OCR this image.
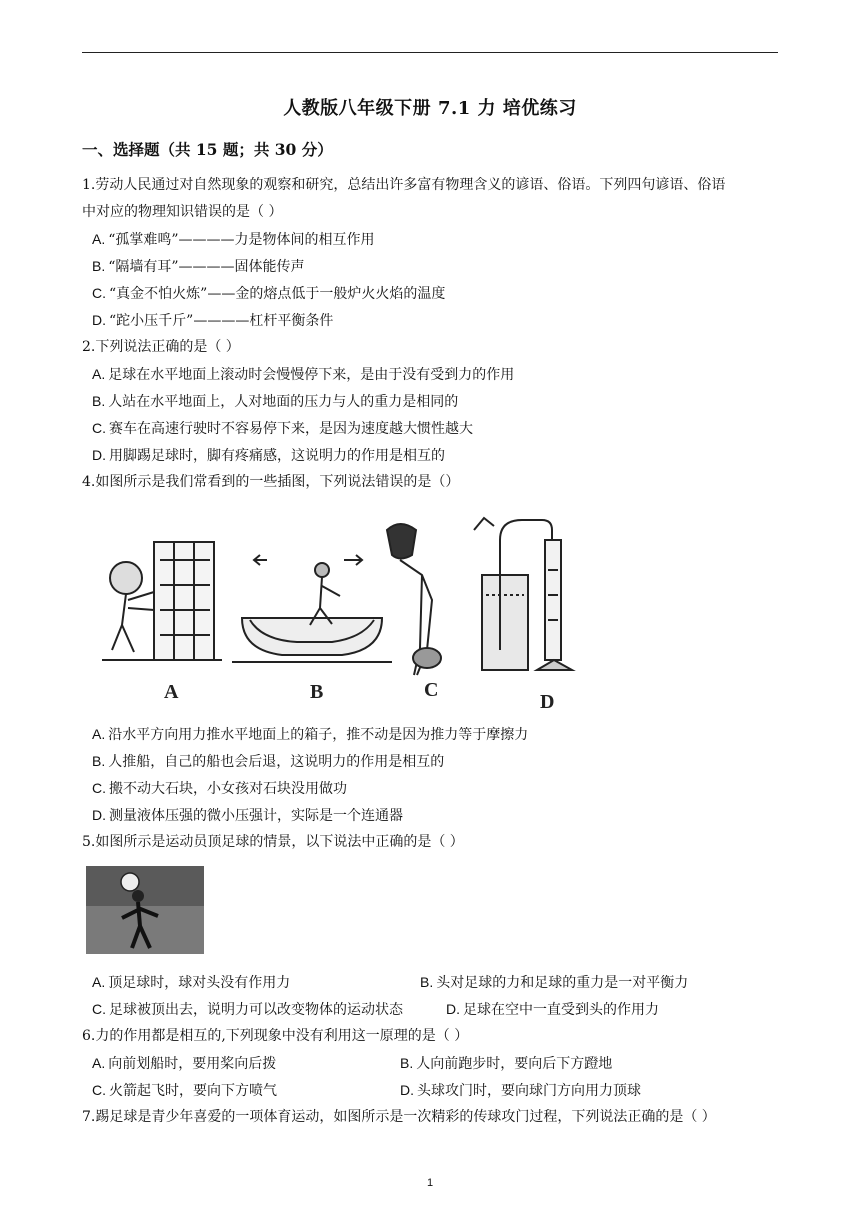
人教版八年级下册 7.1 力 培优练习
一、选择题（共 15 题；共 30 分）
1.劳动人民通过对自然现象的观察和研究，总结出许多富有物理含义的谚语、俗语。下列四句谚语、俗语
中对应的物理知识错误的是（ ）
A. “孤掌难鸣”————力是物体间的相互作用
B. “隔墙有耳”————固体能传声
C. “真金不怕火炼”——金的熔点低于一般炉火火焰的温度
D. “跎小压千斤”————杠杆平衡条件
2.下列说法正确的是（ ）
A. 足球在水平地面上滚动时会慢慢停下来，是由于没有受到力的作用
B. 人站在水平地面上，人对地面的压力与人的重力是相同的
C. 赛车在高速行驶时不容易停下来，是因为速度越大惯性越大
D. 用脚踢足球时，脚有疼痛感，这说明力的作用是相互的
4.如图所示是我们常看到的一些插图，下列说法错误的是（）
A	B	C
D
A. 沿水平方向用力推水平地面上的箱子，推不动是因为推力等于摩擦力
B. 人推船，自己的船也会后退，这说明力的作用是相互的
C. 搬不动大石块，小女孩对石块没用做功
D. 测量液体压强的微小压强计，实际是一个连通器
5.如图所示是运动员顶足球的情景，以下说法中正确的是（ ）
A. 顶足球时，球对头没有作用力	B. 头对足球的力和足球的重力是一对平衡力
C. 足球被顶出去，说明力可以改变物体的运动状态	D. 足球在空中一直受到头的作用力
6.力的作用都是相互的,下列现象中没有利用这一原理的是（ ）
A. 向前划船时，要用桨向后拨	B. 人向前跑步时，要向后下方蹬地
C. 火箭起飞时，要向下方喷气	D. 头球攻门时，要向球门方向用力顶球
7.踢足球是青少年喜爱的一项体育运动，如图所示是一次精彩的传球攻门过程，下列说法正确的是（ ）
1
